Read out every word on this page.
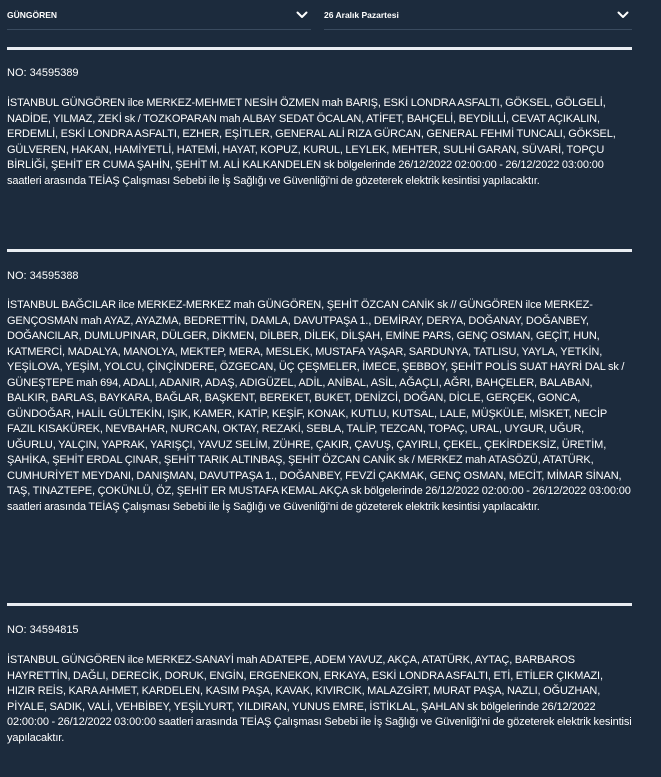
GÜNGÖREN	26 Aralık Pazartesi

NO: 34595389

İSTANBUL GÜNGÖREN ilce MERKEZ-MEHMET NESİH ÖZMEN mah BARIŞ, ESKİ LONDRA ASFALTI, GÖKSEL, GÖLGELİ, NADİDE, YILMAZ, ZEKİ sk / TOZKOPARAN mah ALBAY SEDAT ÖCALAN, ATİFET, BAHÇELİ, BEYDİLLİ, CEVAT AÇIKALIN, ERDEMLİ, ESKİ LONDRA ASFALTI, EZHER, EŞİTLER, GENERAL ALİ RIZA GÜRCAN, GENERAL FEHMİ TUNCALI, GÖKSEL, GÜLVEREN, HAKAN, HAMİYETLİ, HATEMİ, HAYAT, KOPUZ, KURUL, LEYLEK, MEHTER, SULHİ GARAN, SÜVARİ, TOPÇU BİRLİĞİ, ŞEHİT ER CUMA ŞAHİN, ŞEHİT M. ALİ KALKANDELEN sk bölgelerinde 26/12/2022 02:00:00 - 26/12/2022 03:00:00 saatleri arasında TEİAŞ Çalışması Sebebi ile İş Sağlığı ve Güvenliği'ni de gözeterek elektrik kesintisi yapılacaktır.

NO: 34595388

İSTANBUL BAĞCILAR ilce MERKEZ-MERKEZ mah GÜNGÖREN, ŞEHİT ÖZCAN CANİK sk // GÜNGÖREN ilce MERKEZ-GENÇOSMAN mah AYAZ, AYAZMA, BEDRETTİN, DAMLA, DAVUTPAŞA 1., DEMİRAY, DERYA, DOĞANAY, DOĞANBEY, DOĞANCILAR, DUMLUPINAR, DÜLGER, DİKMEN, DİLBER, DİLEK, DİLŞAH, EMİNE PARS, GENÇ OSMAN, GEÇİT, HUN, KATMERCİ, MADALYA, MANOLYA, MEKTEP, MERA, MESLEK, MUSTAFA YAŞAR, SARDUNYA, TATLISU, YAYLA, YETKİN, YEŞİLOVA, YEŞİM, YOLCU, ÇİNÇİNDERE, ÖZGECAN, ÜÇ ÇEŞMELER, İMECE, ŞEBBOY, ŞEHİT POLİS SUAT HAYRİ DAL sk / GÜNEŞTEPE mah 694, ADALI, ADANIR, ADAŞ, ADIGÜZEL, ADİL, ANİBAL, ASİL, AĞAÇLI, AĞRI, BAHÇELER, BALABAN, BALKIR, BARLAS, BAYKARA, BAĞLAR, BAŞKENT, BEREKET, BUKET, DENİZCİ, DOĞAN, DİCLE, GERÇEK, GONCA, GÜNDOĞAR, HALİL GÜLTEKİN, IŞIK, KAMER, KATİP, KEŞİF, KONAK, KUTLU, KUTSAL, LALE, MÜŞKÜLE, MİSKET, NECİP FAZIL KISAKÜREK, NEVBAHAR, NURCAN, OKTAY, REZAKİ, SEBLA, TALİP, TEZCAN, TOPAÇ, URAL, UYGUR, UĞUR, UĞURLU, YALÇIN, YAPRAK, YARIŞÇI, YAVUZ SELİM, ZÜHRE, ÇAKIR, ÇAVUŞ, ÇAYIRLI, ÇEKEL, ÇEKİRDEKSİZ, ÜRETİM, ŞAHİKA, ŞEHİT ERDAL ÇINAR, ŞEHİT TARIK ALTINBAŞ, ŞEHİT ÖZCAN CANİK sk / MERKEZ mah ATASÖZÜ, ATATÜRK, CUMHURİYET MEYDANI, DANIŞMAN, DAVUTPAŞA 1., DOĞANBEY, FEVZİ ÇAKMAK, GENÇ OSMAN, MECİT, MİMAR SİNAN, TAŞ, TINAZTEPE, ÇOKÜNLÜ, ÖZ, ŞEHİT ER MUSTAFA KEMAL AKÇA sk bölgelerinde 26/12/2022 02:00:00 - 26/12/2022 03:00:00 saatleri arasında TEİAŞ Çalışması Sebebi ile İş Sağlığı ve Güvenliği'ni de gözeterek elektrik kesintisi yapılacaktır.

NO: 34594815

İSTANBUL GÜNGÖREN ilce MERKEZ-SANAYİ mah ADATEPE, ADEM YAVUZ, AKÇA, ATATÜRK, AYTAÇ, BARBAROS HAYRETTİN, DAĞLI, DERECİK, DORUK, ENGİN, ERGENEKON, ERKAYA, ESKİ LONDRA ASFALTI, ETİ, ETİLER ÇIKMAZI, HIZIR REİS, KARA AHMET, KARDELEN, KASIM PAŞA, KAVAK, KIVIRCIK, MALAZGİRT, MURAT PAŞA, NAZLI, OĞUZHAN, PİYALE, SADIK, VALİ, VEHBİBEY, YEŞİLYURT, YILDIRAN, YUNUS EMRE, İSTİKLAL, ŞAHLAN sk bölgelerinde 26/12/2022 02:00:00 - 26/12/2022 03:00:00 saatleri arasında TEİAŞ Çalışması Sebebi ile İş Sağlığı ve Güvenliği'ni de gözeterek elektrik kesintisi yapılacaktır.
